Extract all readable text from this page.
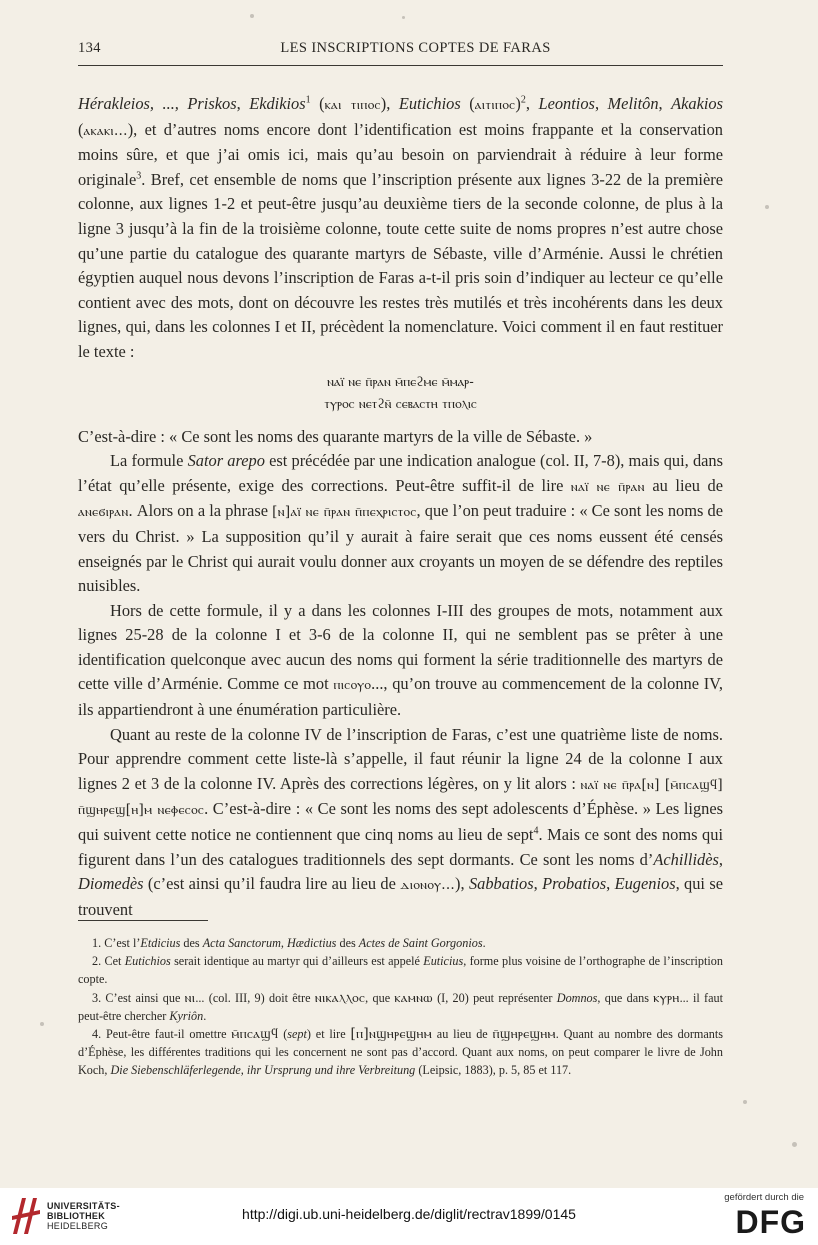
134	LES INSCRIPTIONS COPTES DE FARAS

Hérakleios, ..., Priskos, Ekdikios$^1$ (ⲕⲁⲓ ⲧⲓⲡⲟⲥ), Eutichios (ⲁⲓⲧⲓⲡⲟⲥ)$^2$, Leontios, Melitôn, Akakios (ⲁⲕⲁⲕⲓ...), et d’autres noms encore dont l’identification est moins frappante et la conservation moins sûre, et que j’ai omis ici, mais qu’au besoin on parviendrait à réduire à leur forme originale$^3$. Bref, cet ensemble de noms que l’inscription présente aux lignes 3-22 de la première colonne, aux lignes 1-2 et peut-être jusqu’au deuxième tiers de la seconde colonne, de plus à la ligne 3 jusqu’à la fin de la troisième colonne, toute cette suite de noms propres n’est autre chose qu’une partie du catalogue des quarante martyrs de Sébaste, ville d’Arménie. Aussi le chrétien égyptien auquel nous devons l’inscription de Faras a-t-il pris soin d’indiquer au lecteur ce qu’elle contient avec des mots, dont on découvre les restes très mutilés et très incohérents dans les deux lignes, qui, dans les colonnes I et II, précèdent la nomenclature. Voici comment il en faut restituer le texte :

ⲛⲁⲓ̈ ⲛⲉ ⲡ̄ⲣⲁⲛ ⲙ̄ⲡⲉϩⲙⲉ ⲙ̄ⲙⲁⲣ-
ⲧⲩⲣⲟⲥ ⲛⲉⲧϩⲛ̄ ⲥⲉⲃⲁⲥⲧⲏ ⲧⲡⲟⲗⲓⲥ

C’est-à-dire : « Ce sont les noms des quarante martyrs de la ville de Sébaste. »

La formule Sator arepo est précédée par une indication analogue (col. II, 7-8), mais qui, dans l’état qu’elle présente, exige des corrections. Peut-être suffit-il de lire ⲛⲁⲓ̈ ⲛⲉ ⲡ̄ⲣⲁⲛ au lieu de ⲁⲛⲉϭⲓⲣⲁⲛ. Alors on a la phrase [ⲛ]ⲁⲓ̈ ⲛⲉ ⲡ̄ⲣⲁⲛ ⲡ̄ⲡⲉⲭⲣⲓⲥⲧⲟⲥ, que l’on peut traduire : « Ce sont les noms de vers du Christ. » La supposition qu’il y aurait à faire serait que ces noms eussent été censés enseignés par le Christ qui aurait voulu donner aux croyants un moyen de se défendre des reptiles nuisibles.

Hors de cette formule, il y a dans les colonnes I-III des groupes de mots, notamment aux lignes 25-28 de la colonne I et 3-6 de la colonne II, qui ne semblent pas se prêter à une identification quelconque avec aucun des noms qui forment la série traditionnelle des martyrs de cette ville d’Arménie. Comme ce mot ⲡⲓⲥⲟⲩⲟ..., qu’on trouve au commencement de la colonne IV, ils appartiendront à une énumération particulière.

Quant au reste de la colonne IV de l’inscription de Faras, c’est une quatrième liste de noms. Pour apprendre comment cette liste-là s’appelle, il faut réunir la ligne 24 de la colonne I aux lignes 2 et 3 de la colonne IV. Après des corrections légères, on y lit alors : ⲛⲁⲓ̈ ⲛⲉ ⲡ̄ⲣⲁ[ⲛ] [ⲙ̄ⲡⲥⲁϣϥ] ⲡ̄ϣⲏⲣⲉϣ[ⲏ]ⲙ ⲛⲉⲫⲉⲥⲟⲥ. C’est-à-dire : « Ce sont les noms des sept adolescents d’Éphèse. » Les lignes qui suivent cette notice ne contiennent que cinq noms au lieu de sept$^4$. Mais ce sont des noms qui figurent dans l’un des catalogues traditionnels des sept dormants. Ce sont les noms d’Achillidès, Diomedès (c’est ainsi qu’il faudra lire au lieu de ⲇⲓⲟⲛⲟⲩ...), Sabbatios, Probatios, Eugenios, qui se trouvent

1. C’est l’Etdicius des Acta Sanctorum, Hædictius des Actes de Saint Gorgonios.

2. Cet Eutichios serait identique au martyr qui d’ailleurs est appelé Euticius, forme plus voisine de l’orthographe de l’inscription copte.

3. C’est ainsi que ⲛⲓ... (col. III, 9) doit être ⲛⲓⲕⲁⲗⲗⲟⲥ, que ⲕⲁⲙⲛⲱ (I, 20) peut représenter Domnos, que dans ⲕⲩⲣⲏ... il faut peut-être chercher Kyriôn.

4. Peut-être faut-il omettre ⲙ̄ⲡⲥⲁϣϥ (sept) et lire [ⲡ]ⲛϣⲏⲣⲉϣⲏⲙ au lieu de ⲡ̄ϣⲏⲣⲉϣⲏⲙ. Quant au nombre des dormants d’Éphèse, les différentes traditions qui les concernent ne sont pas d’accord. Quant aux noms, on peut comparer le livre de John Koch, Die Siebenschläferlegende, ihr Ursprung und ihre Verbreitung (Leipsic, 1883), p. 5, 85 et 117.

UNIVERSITÄTS-
BIBLIOTHEK
HEIDELBERG
http://digi.ub.uni-heidelberg.de/diglit/rectrav1899/0145
gefördert durch die
DFG
